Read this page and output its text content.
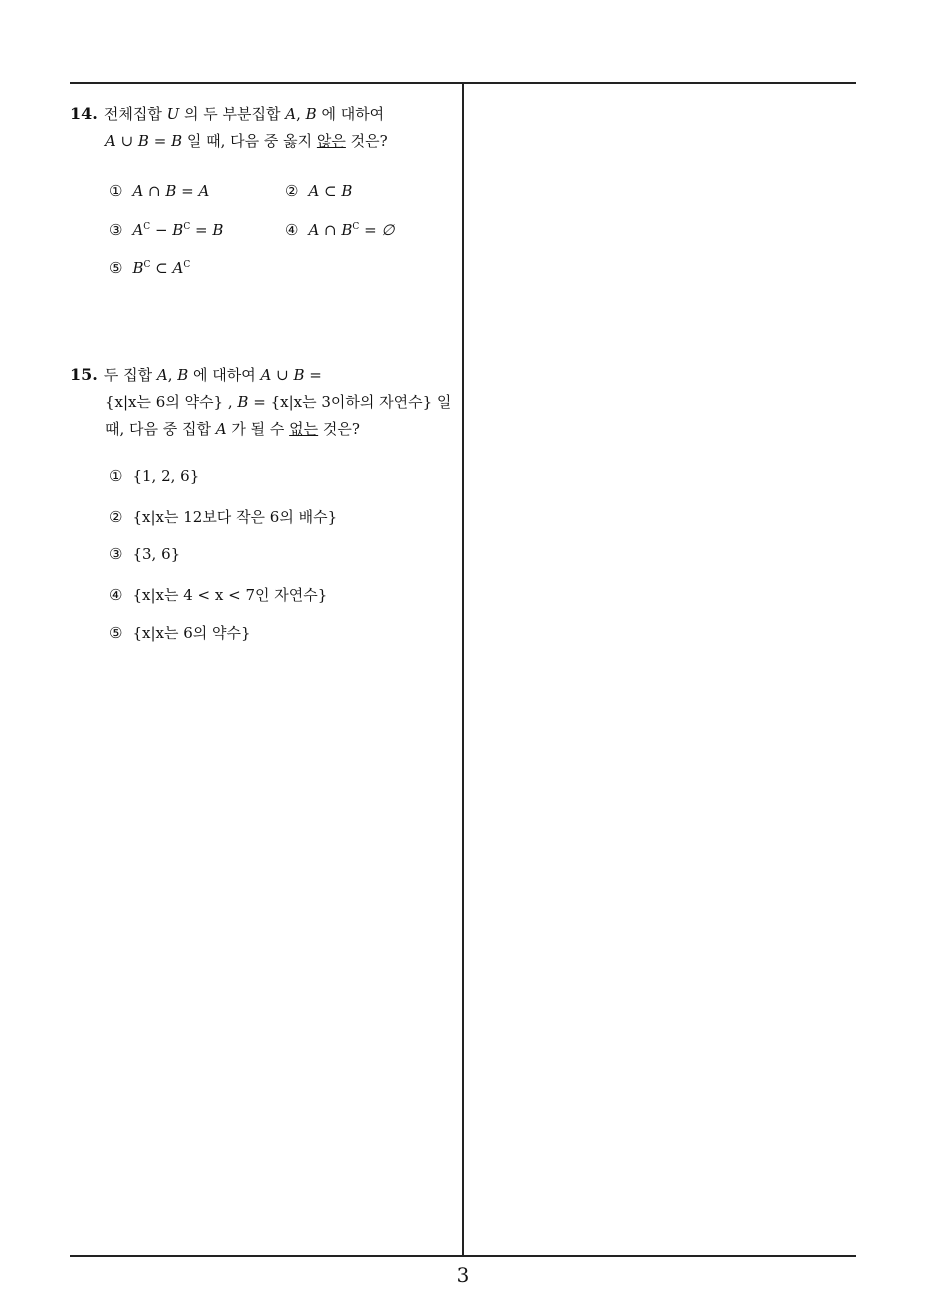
14. 전체집합 U 의 두 부분집합 A, B 에 대하여
A ∪ B = B 일 때, 다음 중 옳지 않은 것은?
① A ∩ B = A	② A ⊂ B
③ $A^C - B^C = B$	④ A ∩ $B^C$ = ∅
⑤ $B^C$ ⊂ $A^C$
15. 두 집합 A, B 에 대하여 A ∪ B =
{x|x는 6의 약수} , B = {x|x는 3이하의 자연수} 일
때, 다음 중 집합 A 가 될 수 없는 것은?
① {1, 2, 6}
② {x|x는 12보다 작은 6의 배수}
③ {3, 6}
④ {x|x는 4 < x < 7인 자연수}
⑤ {x|x는 6의 약수}
3
